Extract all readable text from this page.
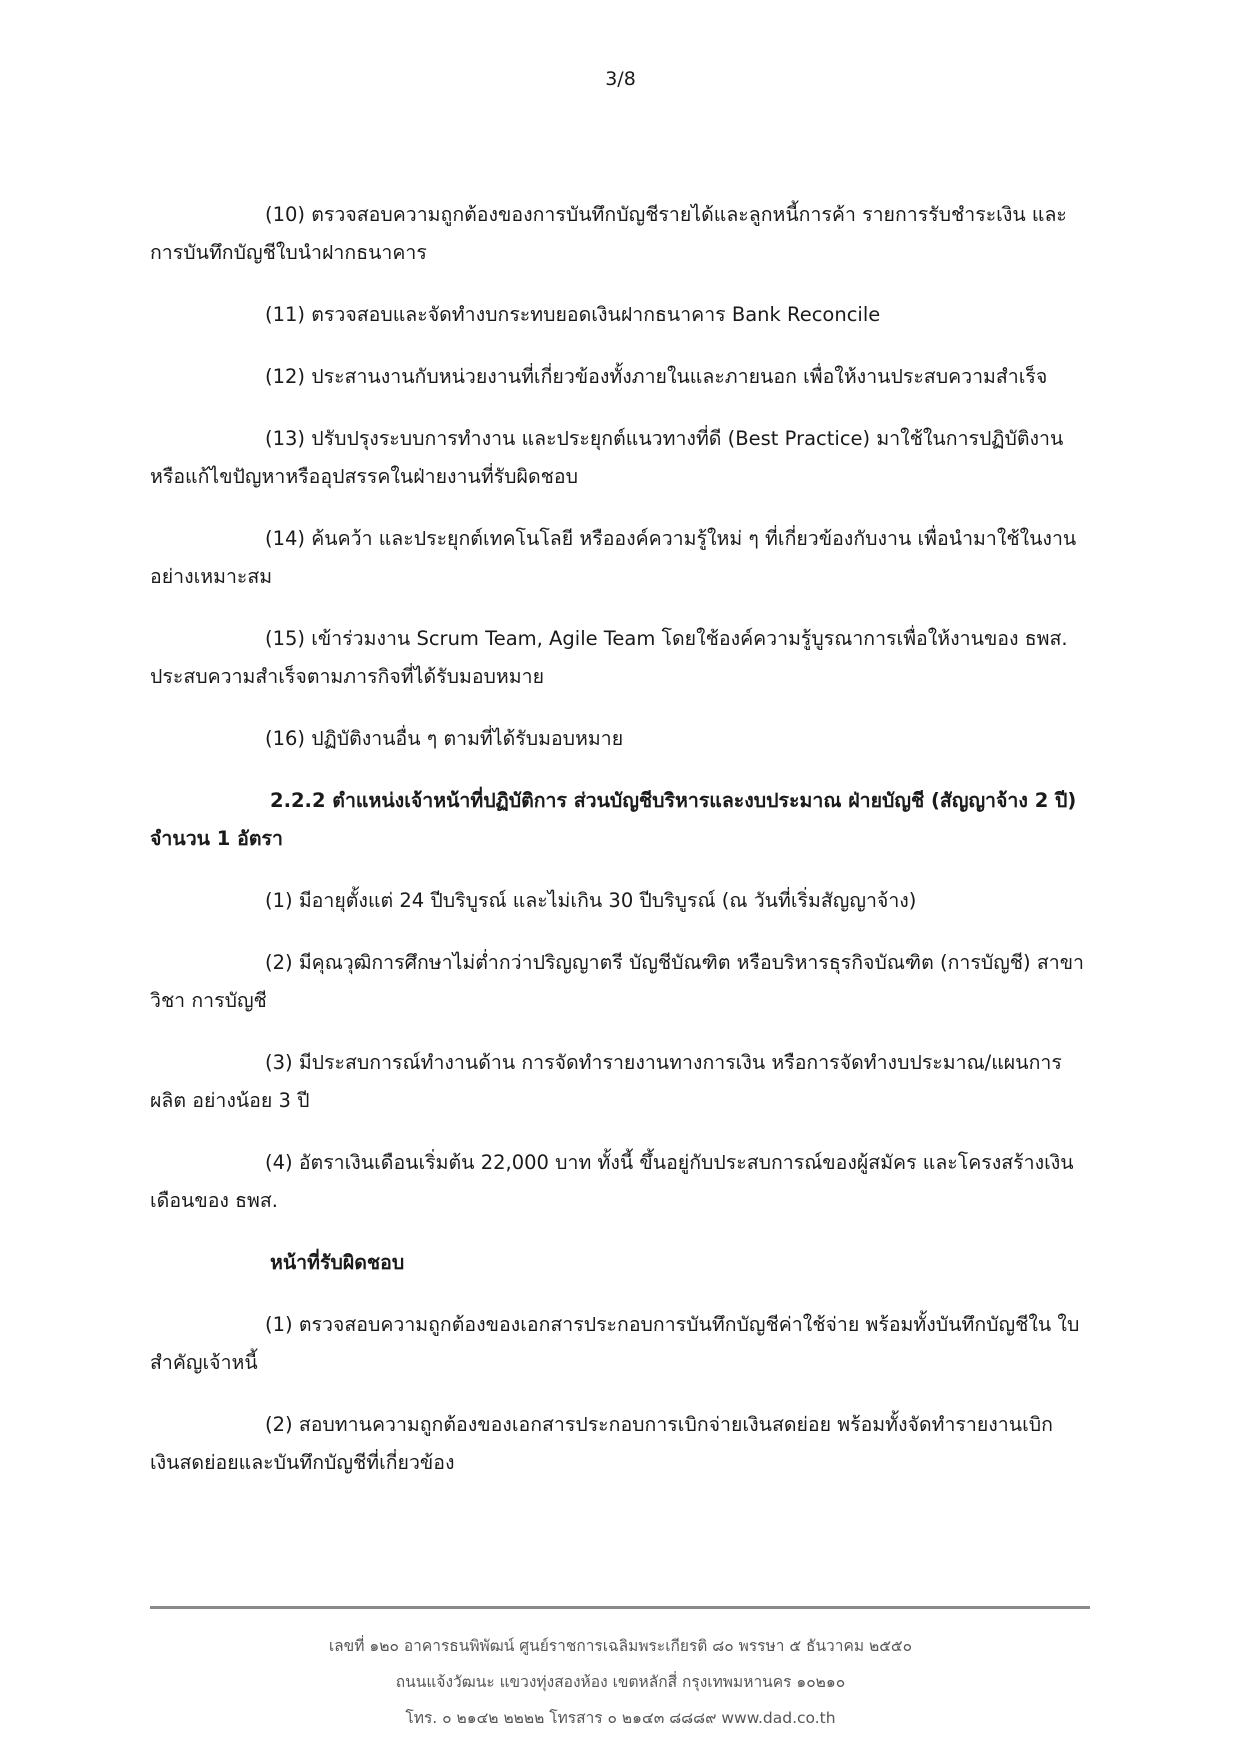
3/8

(10) ตรวจสอบความถูกต้องของการบันทึกบัญชีรายได้และลูกหนี้การค้า รายการรับชำระเงิน และการบันทึกบัญชีใบนำฝากธนาคาร

(11) ตรวจสอบและจัดทำงบกระทบยอดเงินฝากธนาคาร Bank Reconcile

(12) ประสานงานกับหน่วยงานที่เกี่ยวข้องทั้งภายในและภายนอก เพื่อให้งานประสบความสำเร็จ

(13) ปรับปรุงระบบการทำงาน และประยุกต์แนวทางที่ดี (Best Practice) มาใช้ในการปฏิบัติงาน หรือแก้ไขปัญหาหรืออุปสรรคในฝ่ายงานที่รับผิดชอบ

(14) ค้นคว้า และประยุกต์เทคโนโลยี หรือองค์ความรู้ใหม่ ๆ ที่เกี่ยวข้องกับงาน เพื่อนำมาใช้ในงานอย่างเหมาะสม

(15) เข้าร่วมงาน Scrum Team, Agile Team โดยใช้องค์ความรู้บูรณาการเพื่อให้งานของ ธพส. ประสบความสำเร็จตามภารกิจที่ได้รับมอบหมาย

(16) ปฏิบัติงานอื่น ๆ ตามที่ได้รับมอบหมาย

2.2.2 ตำแหน่งเจ้าหน้าที่ปฏิบัติการ ส่วนบัญชีบริหารและงบประมาณ ฝ่ายบัญชี (สัญญาจ้าง 2 ปี) จำนวน 1 อัตรา

(1) มีอายุตั้งแต่ 24 ปีบริบูรณ์ และไม่เกิน 30 ปีบริบูรณ์ (ณ วันที่เริ่มสัญญาจ้าง)

(2) มีคุณวุฒิการศึกษาไม่ต่ำกว่าปริญญาตรี บัญชีบัณฑิต หรือบริหารธุรกิจบัณฑิต (การบัญชี) สาขาวิชา การบัญชี

(3) มีประสบการณ์ทำงานด้าน การจัดทำรายงานทางการเงิน หรือการจัดทำงบประมาณ/แผนการผลิต อย่างน้อย 3 ปี

(4) อัตราเงินเดือนเริ่มต้น 22,000 บาท ทั้งนี้ ขึ้นอยู่กับประสบการณ์ของผู้สมัคร และโครงสร้างเงินเดือนของ ธพส.

หน้าที่รับผิดชอบ

(1) ตรวจสอบความถูกต้องของเอกสารประกอบการบันทึกบัญชีค่าใช้จ่าย พร้อมทั้งบันทึกบัญชีใน ใบสำคัญเจ้าหนี้

(2) สอบทานความถูกต้องของเอกสารประกอบการเบิกจ่ายเงินสดย่อย พร้อมทั้งจัดทำรายงานเบิกเงินสดย่อยและบันทึกบัญชีที่เกี่ยวข้อง

เลขที่ ๑๒๐ อาคารธนพิพัฒน์ ศูนย์ราชการเฉลิมพระเกียรติ ๘๐ พรรษา ๕ ธันวาคม ๒๕๕๐
ถนนแจ้งวัฒนะ แขวงทุ่งสองห้อง เขตหลักสี่ กรุงเทพมหานคร ๑๐๒๑๐
โทร. ๐ ๒๑๔๒ ๒๒๒๒ โทรสาร ๐ ๒๑๔๓ ๘๘๘๙ www.dad.co.th
